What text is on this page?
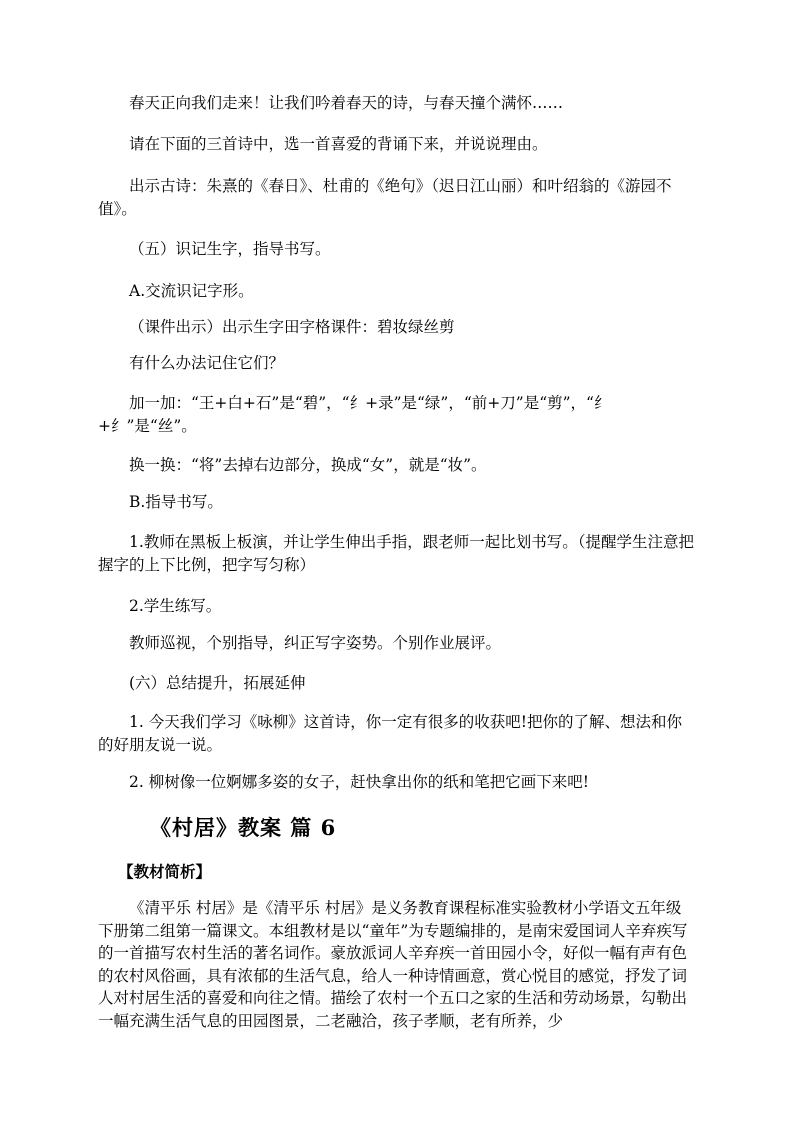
春天正向我们走来！让我们吟着春天的诗，与春天撞个满怀……

请在下面的三首诗中，选一首喜爱的背诵下来，并说说理由。

出示古诗：朱熹的《春日》、杜甫的《绝句》（迟日江山丽）和叶绍翁的《游园不值》。

（五）识记生字，指导书写。

A.交流识记字形。

（课件出示）出示生字田字格课件：碧妆绿丝剪

有什么办法记住它们？

加一加：“王+白+石”是“碧”，“纟+录”是“绿”，“前+刀”是“剪”，“纟+纟”是“丝”。

换一换：“将”去掉右边部分，换成“女”，就是“妆”。

B.指导书写。

1.教师在黑板上板演，并让学生伸出手指，跟老师一起比划书写。（提醒学生注意把握字的上下比例，把字写匀称）

2.学生练写。

教师巡视，个别指导，纠正写字姿势。个别作业展评。

(六）总结提升，拓展延伸

1. 今天我们学习《咏柳》这首诗，你一定有很多的收获吧!把你的了解、想法和你的好朋友说一说。

2. 柳树像一位婀娜多姿的女子，赶快拿出你的纸和笔把它画下来吧!

《村居》教案 篇 6
【教材简析】

《清平乐 村居》是《清平乐 村居》是义务教育课程标准实验教材小学语文五年级下册第二组第一篇课文。本组教材是以“童年”为专题编排的，是南宋爱国词人辛弃疾写的一首描写农村生活的著名词作。豪放派词人辛弃疾一首田园小令，好似一幅有声有色的农村风俗画，具有浓郁的生活气息，给人一种诗情画意，赏心悦目的感觉，抒发了词人对村居生活的喜爱和向往之情。描绘了农村一个五口之家的生活和劳动场景，勾勒出一幅充满生活气息的田园图景，二老融洽，孩子孝顺，老有所养，少
